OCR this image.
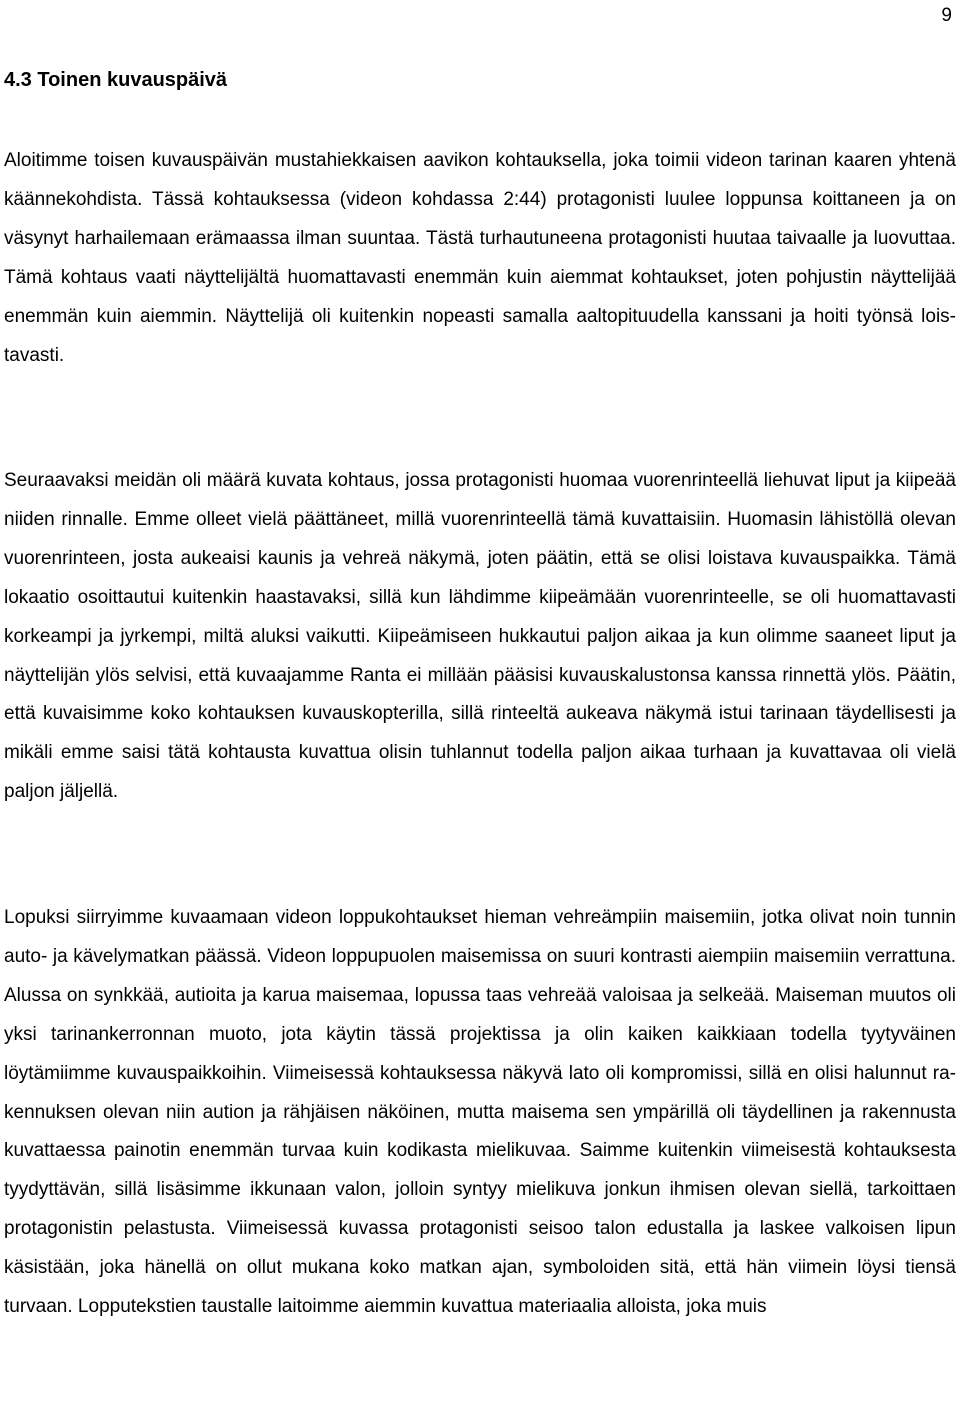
9
4.3 Toinen kuvauspäivä

Aloitimme toisen kuvauspäivän mustahiekkaisen aavikon kohtauksella, joka toimii videon tarinan kaaren yhtenä käännekohdista. Tässä kohtauksessa (videon kohdassa 2:44) protagonisti luulee loppunsa koittaneen ja on väsynyt harhailemaan erämaassa ilman suuntaa. Tästä turhautuneena protagonisti huutaa taivaalle ja luovuttaa. Tämä kohtaus vaati näyttelijältä huomattavasti enemmän kuin aiemmat kohtaukset, joten pohjustin näyttelijää enemmän kuin aiemmin. Näyttelijä oli kuitenkin nopeasti samalla aaltopituudella kanssani ja hoiti työnsä loistavasti.

Seuraavaksi meidän oli määrä kuvata kohtaus, jossa protagonisti huomaa vuorenrinteellä liehuvat liput ja kiipeää niiden rinnalle. Emme olleet vielä päättäneet, millä vuorenrinteellä tämä kuvattaisiin. Huomasin lähistöllä olevan vuorenrinteen, josta aukeaisi kaunis ja vehreä näkymä, joten päätin, että se olisi loistava kuvauspaikka. Tämä lokaatio osoittautui kuitenkin haastavaksi, sillä kun lähdimme kiipeämään vuorenrinteelle, se oli huomattavasti korkeampi ja jyrkempi, miltä aluksi vaikutti. Kiipeämiseen hukkautui paljon aikaa ja kun olimme saaneet liput ja näyttelijän ylös selvisi, että kuvaajamme Ranta ei millään pääsisi kuvauskalustonsa kanssa rinnettä ylös. Päätin, että kuvaisimme koko kohtauksen kuvauskopterilla, sillä rinteeltä aukeava näkymä istui tarinaan täydellisesti ja mikäli emme saisi tätä kohtausta kuvattua olisin tuhlannut todella paljon aikaa turhaan ja kuvattavaa oli vielä paljon jäljellä.

Lopuksi siirryimme kuvaamaan videon loppukohtaukset hieman vehreämpiin maisemiin, jotka olivat noin tunnin auto- ja kävelymatkan päässä. Videon loppupuolen maisemissa on suuri kontrasti aiempiin maisemiin verrattuna. Alussa on synkkää, autioita ja karua maisemaa, lopussa taas vehreää valoisaa ja selkeää. Maiseman muutos oli yksi tarinankerronnan muoto, jota käytin tässä projektissa ja olin kaiken kaikkiaan todella tyytyväinen löytämiimme kuvauspaikkoihin. Viimeisessä kohtauksessa näkyvä lato oli kompromissi, sillä en olisi halunnut rakennuksen olevan niin aution ja rähjäisen näköinen, mutta maisema sen ympärillä oli täydellinen ja rakennusta kuvattaessa painotin enemmän turvaa kuin kodikasta mielikuvaa. Saimme kuitenkin viimeisestä kohtauksesta tyydyttävän, sillä lisäsimme ikkunaan valon, jolloin syntyy mielikuva jonkun ihmisen olevan siellä, tarkoittaen protagonistin pelastusta. Viimeisessä kuvassa protagonisti seisoo talon edustalla ja laskee valkoisen lipun käsistään, joka hänellä on ollut mukana koko matkan ajan, symboloiden sitä, että hän viimein löysi tiensä turvaan. Lopputekstien taustalle laitoimme aiemmin kuvattua materiaalia alloista, joka muis
